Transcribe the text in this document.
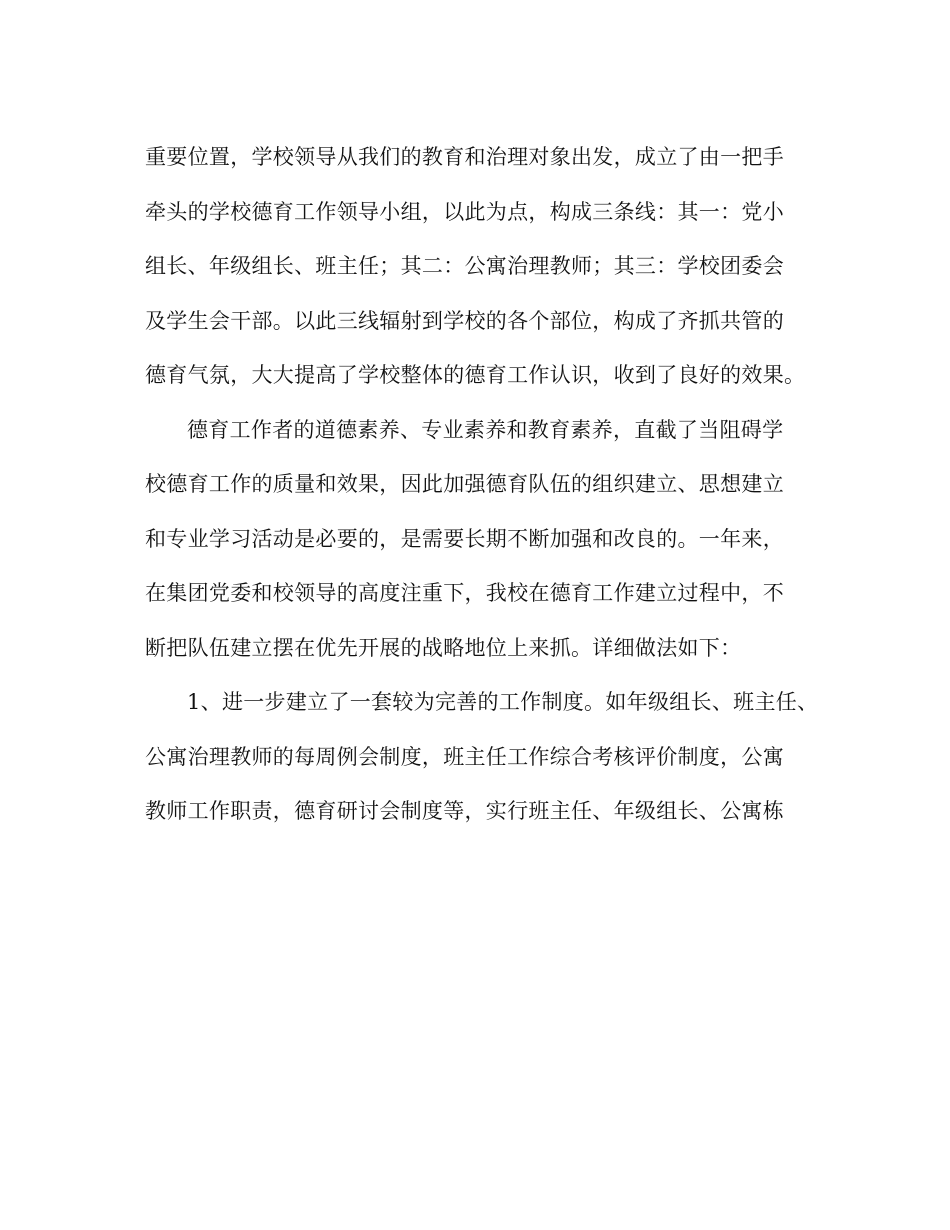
重要位置，学校领导从我们的教育和治理对象出发，成立了由一把手
牵头的学校德育工作领导小组，以此为点，构成三条线：其一：党小
组长、年级组长、班主任；其二：公寓治理教师；其三：学校团委会
及学生会干部。以此三线辐射到学校的各个部位，构成了齐抓共管的
德育气氛，大大提高了学校整体的德育工作认识，收到了良好的效果。
德育工作者的道德素养、专业素养和教育素养，直截了当阻碍学
校德育工作的质量和效果，因此加强德育队伍的组织建立、思想建立
和专业学习活动是必要的，是需要长期不断加强和改良的。一年来，
在集团党委和校领导的高度注重下，我校在德育工作建立过程中，不
断把队伍建立摆在优先开展的战略地位上来抓。详细做法如下：
1、进一步建立了一套较为完善的工作制度。如年级组长、班主任、
公寓治理教师的每周例会制度，班主任工作综合考核评价制度，公寓
教师工作职责，德育研讨会制度等，实行班主任、年级组长、公寓栋
